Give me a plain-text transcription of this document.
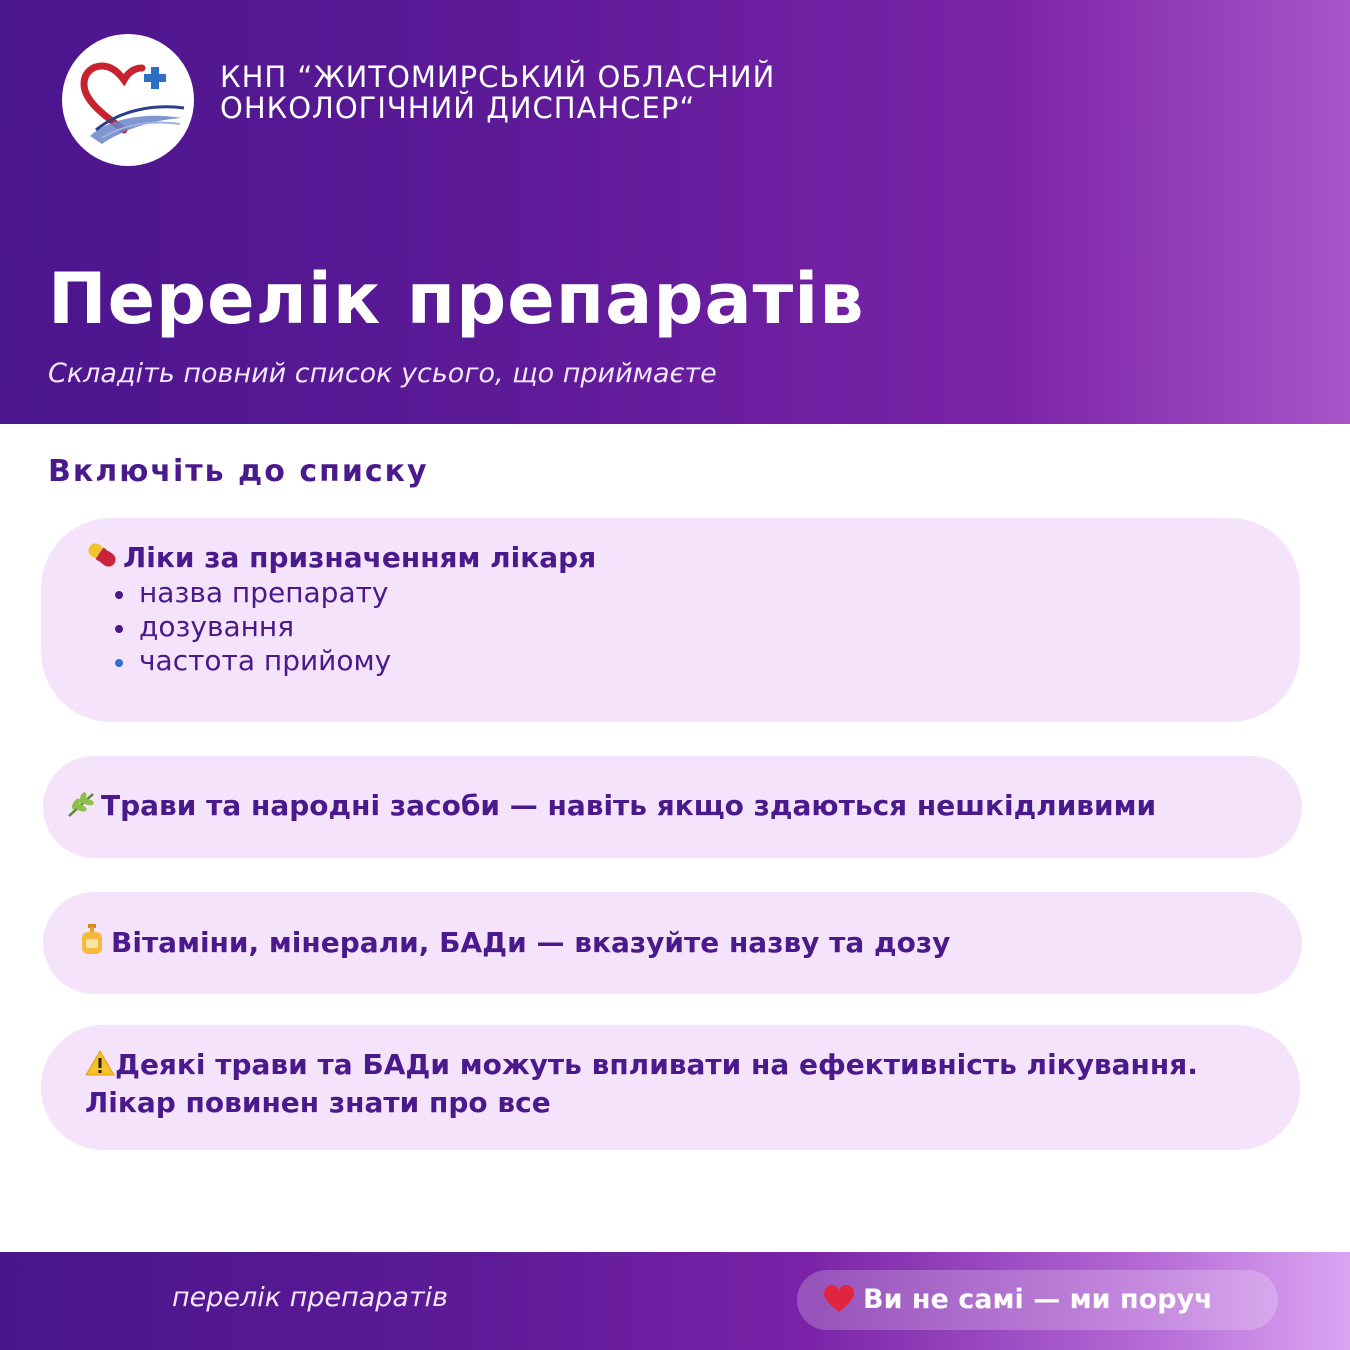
КНП “ЖИТОМИРСЬКИЙ ОБЛАСНИЙ
ОНКОЛОГІЧНИЙ ДИСПАНСЕР“
Перелік препаратів
Складіть повний список усього, що приймаєте
Включіть до списку
Ліки за призначенням лікаря
назва препарату
дозування
частота прийому
Трави та народні засоби — навіть якщо здаються нешкідливими
Вітаміни, мінерали, БАДи — вказуйте назву та дозу
Деякі трави та БАДи можуть впливати на ефективність лікування.
Лікар повинен знати про все
перелік препаратів	Ви не самі — ми поруч
